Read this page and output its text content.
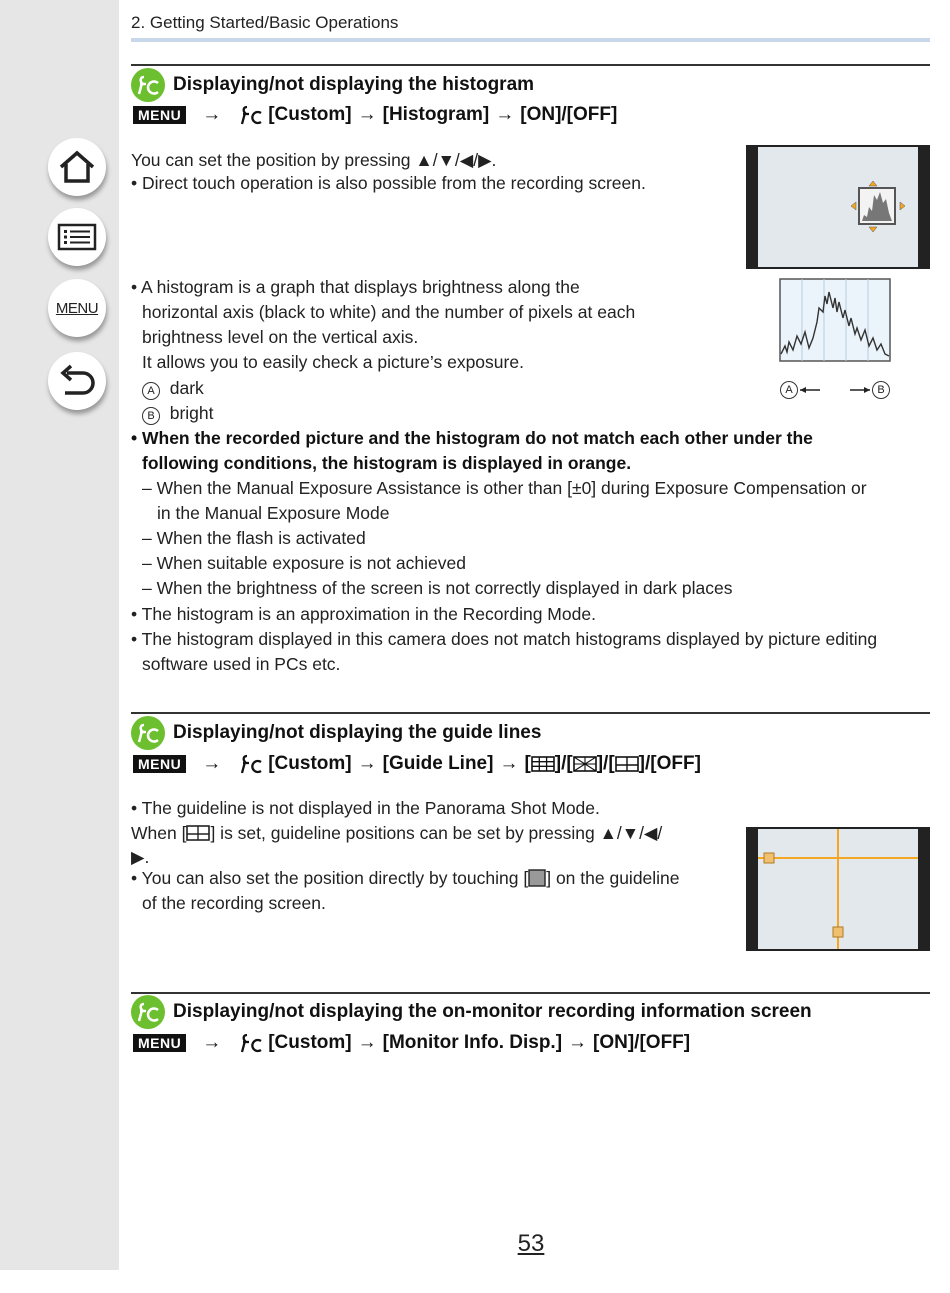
MENU
2. Getting Started/Basic Operations
Displaying/not displaying the histogram
MENU → [Custom] → [Histogram] → [ON]/[OFF]
You can set the position by pressing ▲/▼/◀/▶.
• Direct touch operation is also possible from the recording screen.
• A histogram is a graph that displays brightness along the
horizontal axis (black to white) and the number of pixels at each
brightness level on the vertical axis.
It allows you to easily check a picture’s exposure.
A dark
B bright
A	B
• When the recorded picture and the histogram do not match each other under the
following conditions, the histogram is displayed in orange.
– When the Manual Exposure Assistance is other than [±0] during Exposure Compensation or
in the Manual Exposure Mode
– When the flash is activated
– When suitable exposure is not achieved
– When the brightness of the screen is not correctly displayed in dark places
• The histogram is an approximation in the Recording Mode.
• The histogram displayed in this camera does not match histograms displayed by picture editing
software used in PCs etc.
Displaying/not displaying the guide lines
MENU → [Custom] → [Guide Line] → [ ]/[ ]/[ ] /[OFF]
• The guideline is not displayed in the Panorama Shot Mode.
When [ ] is set, guideline positions can be set by pressing ▲/▼/◀/
▶.
• You can also set the position directly by touching [ ] on the guideline
of the recording screen.
Displaying/not displaying the on-monitor recording information screen
MENU → [Custom] → [Monitor Info. Disp.] → [ON]/[OFF]
53
